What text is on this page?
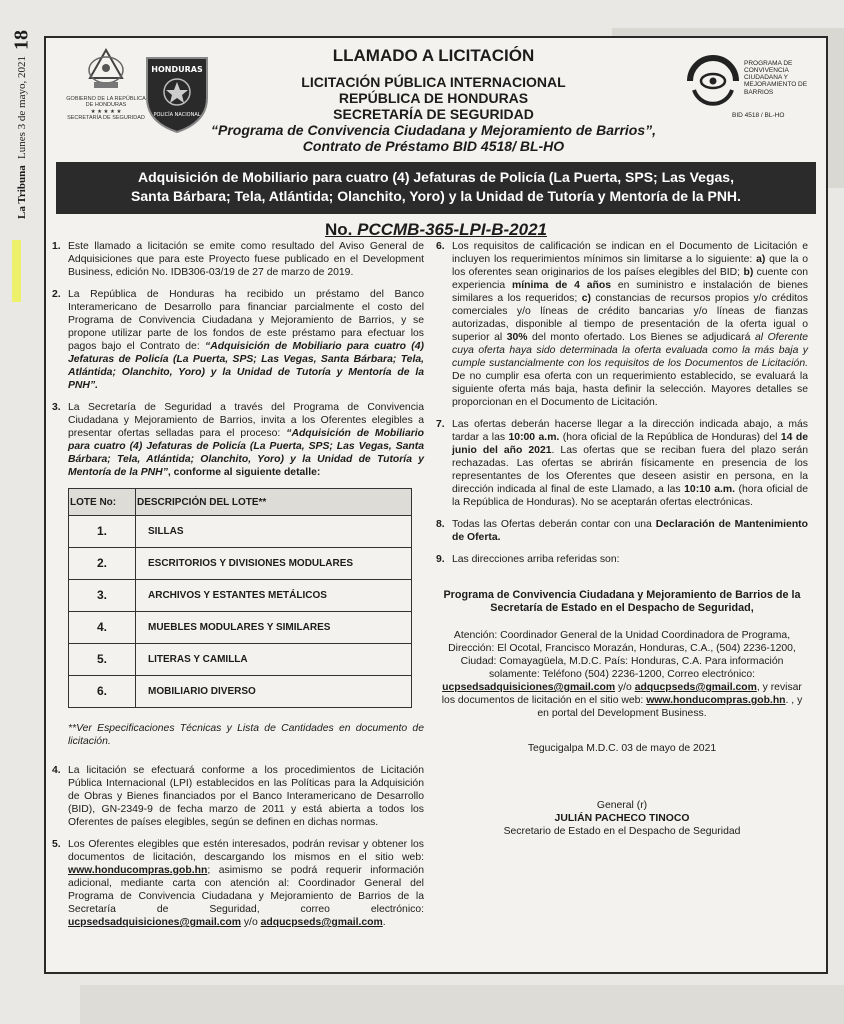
La Tribuna
Lunes 3 de mayo, 2021
18
GOBIERNO DE LA REPÚBLICA DE HONDURAS
★ ★ ★ ★ ★
SECRETARÍA DE SEGURIDAD
HONDURAS
POLICÍA NACIONAL
LLAMADO A LICITACIÓN
LICITACIÓN PÚBLICA INTERNACIONAL
REPÚBLICA DE HONDURAS
SECRETARÍA DE SEGURIDAD
“Programa de Convivencia Ciudadana y Mejoramiento de Barrios”,
Contrato de Préstamo BID 4518/ BL-HO
PROGRAMA DE CONVIVENCIA CIUDADANA Y MEJORAMIENTO DE BARRIOS
BID 4518 / BL-HO
Adquisición de Mobiliario para cuatro (4) Jefaturas de Policía (La Puerta, SPS; Las Vegas,
Santa Bárbara; Tela, Atlántida; Olanchito, Yoro) y la Unidad de Tutoría y Mentoría de la PNH.
No. PCCMB-365-LPI-B-2021
1. Este llamado a licitación se emite como resultado del Aviso General de Adquisiciones que para este Proyecto fuese publicado en el Development Business, edición No. IDB306-03/19 de 27 de marzo de 2019.
2. La República de Honduras ha recibido un préstamo del Banco Interamericano de Desarrollo para financiar parcialmente el costo del Programa de Convivencia Ciudadana y Mejoramiento de Barrios, y se propone utilizar parte de los fondos de este préstamo para efectuar los pagos bajo el Contrato de: “Adquisición de Mobiliario para cuatro (4) Jefaturas de Policía (La Puerta, SPS; Las Vegas, Santa Bárbara; Tela, Atlántida; Olanchito, Yoro) y la Unidad de Tutoría y Mentoría de la PNH”.
3. La Secretaría de Seguridad a través del Programa de Convivencia Ciudadana y Mejoramiento de Barrios, invita a los Oferentes elegibles a presentar ofertas selladas para el proceso: “Adquisición de Mobiliario para cuatro (4) Jefaturas de Policía (La Puerta, SPS; Las Vegas, Santa Bárbara; Tela, Atlántida; Olanchito, Yoro) y la Unidad de Tutoría y Mentoría de la PNH”, conforme al siguiente detalle:
LOTE No:	DESCRIPCIÓN DEL LOTE**
1.	SILLAS
2.	ESCRITORIOS Y DIVISIONES MODULARES
3.	ARCHIVOS Y ESTANTES METÁLICOS
4.	MUEBLES MODULARES Y SIMILARES
5.	LITERAS Y CAMILLA
6.	MOBILIARIO DIVERSO
**Ver Especificaciones Técnicas y Lista de Cantidades en documento de licitación.
4. La licitación se efectuará conforme a los procedimientos de Licitación Pública Internacional (LPI) establecidos en las Políticas para la Adquisición de Obras y Bienes financiados por el Banco Interamericano de Desarrollo (BID), GN-2349-9 de fecha marzo de 2011 y está abierta a todos los Oferentes de países elegibles, según se definen en dichas normas.
5. Los Oferentes elegibles que estén interesados, podrán revisar y obtener los documentos de licitación, descargando los mismos en el sitio web: www.honducompras.gob.hn; asimismo se podrá requerir información adicional, mediante carta con atención al: Coordinador General del Programa de Convivencia Ciudadana y Mejoramiento de Barrios de la Secretaría de Seguridad, correo electrónico: ucpsedsadquisiciones@gmail.com y/o adqucpseds@gmail.com.
6. Los requisitos de calificación se indican en el Documento de Licitación e incluyen los requerimientos mínimos sin limitarse a lo siguiente: a) que la o los oferentes sean originarios de los países elegibles del BID; b) cuente con experiencia mínima de 4 años en suministro e instalación de bienes similares a los requeridos; c) constancias de recursos propios y/o créditos comerciales y/o líneas de crédito bancarias y/o líneas de fianzas autorizadas, disponible al tiempo de presentación de la oferta igual o superior al 30% del monto ofertado. Los Bienes se adjudicará al Oferente cuya oferta haya sido determinada la oferta evaluada como la más baja y cumple sustancialmente con los requisitos de los Documentos de Licitación. De no cumplir esa oferta con un requerimiento establecido, se evaluará la siguiente oferta más baja, hasta definir la selección. Mayores detalles se proporcionan en el Documento de Licitación.
7. Las ofertas deberán hacerse llegar a la dirección indicada abajo, a más tardar a las 10:00 a.m. (hora oficial de la República de Honduras) del 14 de junio del año 2021. Las ofertas que se reciban fuera del plazo serán rechazadas. Las ofertas se abrirán físicamente en presencia de los representantes de los Oferentes que deseen asistir en persona, en la dirección indicada al final de este Llamado, a las 10:10 a.m. (hora oficial de la República de Honduras). No se aceptarán ofertas electrónicas.
8. Todas las Ofertas deberán contar con una Declaración de Mantenimiento de Oferta.
9. Las direcciones arriba referidas son:
Programa de Convivencia Ciudadana y Mejoramiento de Barrios de la Secretaría de Estado en el Despacho de Seguridad,
Atención: Coordinador General de la Unidad Coordinadora de Programa, Dirección: El Ocotal, Francisco Morazán, Honduras, C.A., (504) 2236-1200, Ciudad: Comayagüela, M.D.C. País: Honduras, C.A. Para información solamente: Teléfono (504) 2236-1200, Correo electrónico: ucpsedsadquisiciones@gmail.com y/o adqucpseds@gmail.com, y revisar los documentos de licitación en el sitio web: www.honducompras.gob.hn. , y en portal del Development Business.
Tegucigalpa M.D.C. 03 de mayo de 2021
General (r)
JULIÁN PACHECO TINOCO
Secretario de Estado en el Despacho de Seguridad
